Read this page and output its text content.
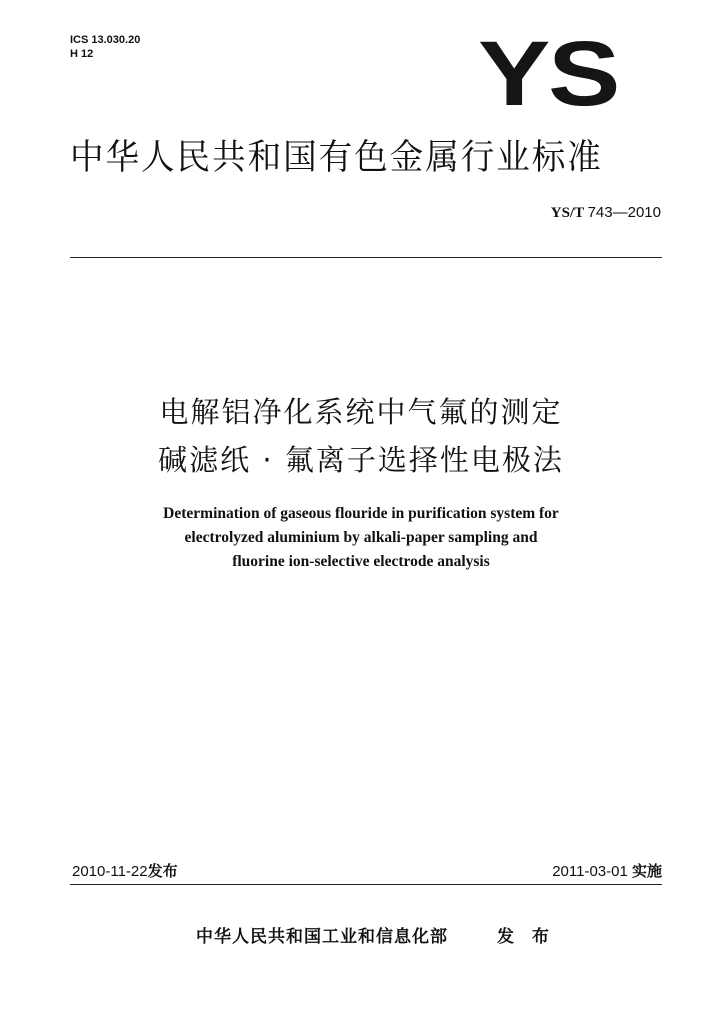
ICS 13.030.20
H 12	YS
中华人民共和国有色金属行业标准
YS/T 743—2010
电解铝净化系统中气氟的测定
碱滤纸 · 氟离子选择性电极法
Determination of gaseous flouride in purification system for
electrolyzed aluminium by alkali-paper sampling and
fluorine ion-selective electrode analysis
2010-11-22发布	2011-03-01 实施
中华人民共和国工业和信息化部	发 布
